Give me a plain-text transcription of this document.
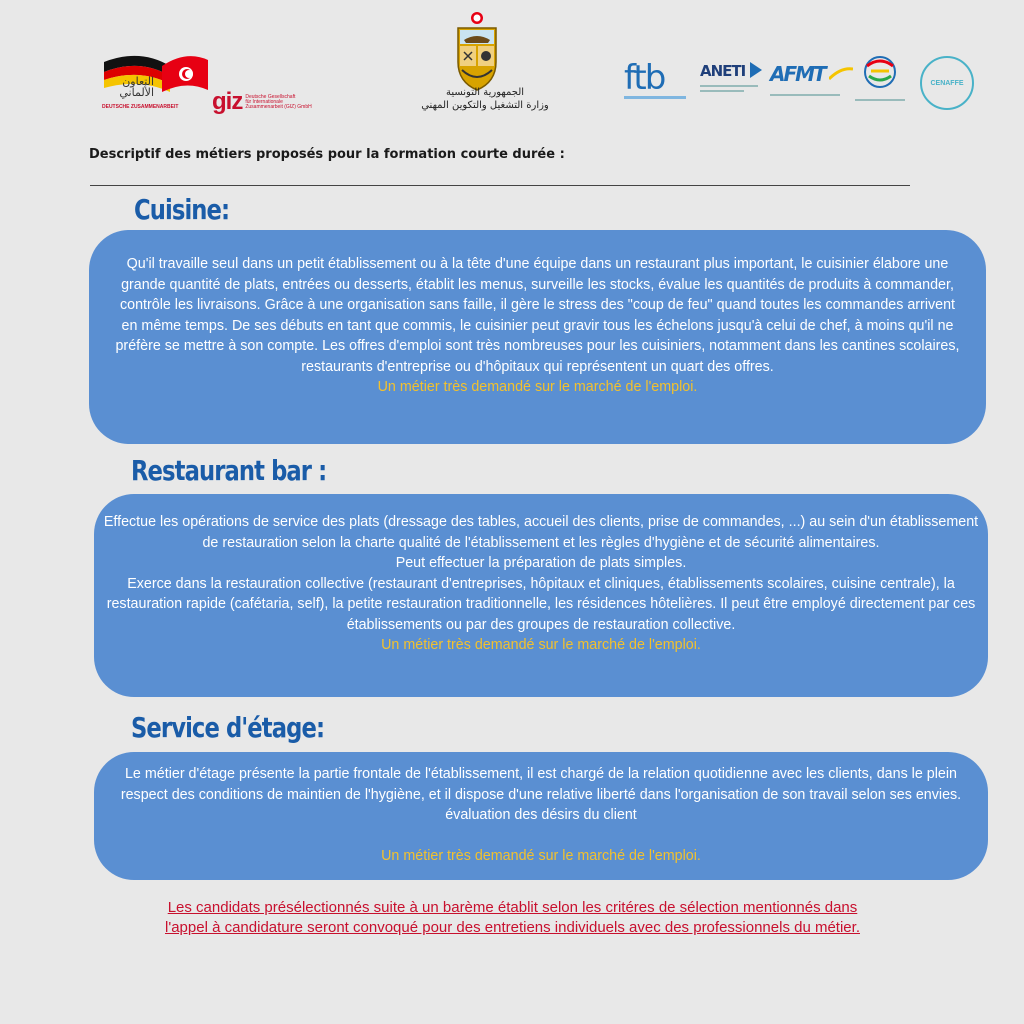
التعاون
الألماني
DEUTSCHE ZUSAMMENARBEIT giz Deutsche Gesellschaft
für Internationale
Zusammenarbeit (GIZ) GmbH
الجمهورية التونسية
وزارة التشغيل والتكوين المهني
ftb	ANETI	AFMT	CENAFFE
Descriptif des métiers proposés pour la formation courte durée :
Cuisine:
Qu'il travaille seul dans un petit établissement ou à la tête d'une équipe dans un restaurant plus important, le cuisinier élabore une grande quantité de plats, entrées ou desserts, établit les menus, surveille les stocks, évalue les quantités de produits à commander, contrôle les livraisons. Grâce à une organisation sans faille, il gère le stress des "coup de feu" quand toutes les commandes arrivent en même temps. De ses débuts en tant que commis, le cuisinier peut gravir tous les échelons jusqu'à celui de chef, à moins qu'il ne préfère se mettre à son compte. Les offres d'emploi sont très nombreuses pour les cuisiniers, notamment dans les cantines scolaires, restaurants d'entreprise ou d'hôpitaux qui représentent un quart des offres.
Un métier très demandé sur le marché de l'emploi.
Restaurant bar :
Effectue les opérations de service des plats (dressage des tables, accueil des clients, prise de commandes, ...) au sein d'un établissement de restauration selon la charte qualité de l'établissement et les règles d'hygiène et de sécurité alimentaires.
Peut effectuer la préparation de plats simples.
Exerce dans la restauration collective (restaurant d'entreprises, hôpitaux et cliniques, établissements scolaires, cuisine centrale), la restauration rapide (cafétaria, self), la petite restauration traditionnelle, les résidences hôtelières. Il peut être employé directement par ces établissements ou par des groupes de restauration collective.
Un métier très demandé sur le marché de l'emploi.
Service d'étage:
Le métier d'étage présente la partie frontale de l'établissement, il est chargé de la relation quotidienne avec les clients, dans le plein respect des conditions de maintien de l'hygiène, et il dispose d'une relative liberté dans l'organisation de son travail selon ses envies. évaluation des désirs du client
Un métier très demandé sur le marché de l'emploi.
Les candidats présélectionnés suite à un barème établit selon les critéres de sélection mentionnés dans l'appel à candidature seront convoqué pour des entretiens individuels avec des professionnels du métier.
